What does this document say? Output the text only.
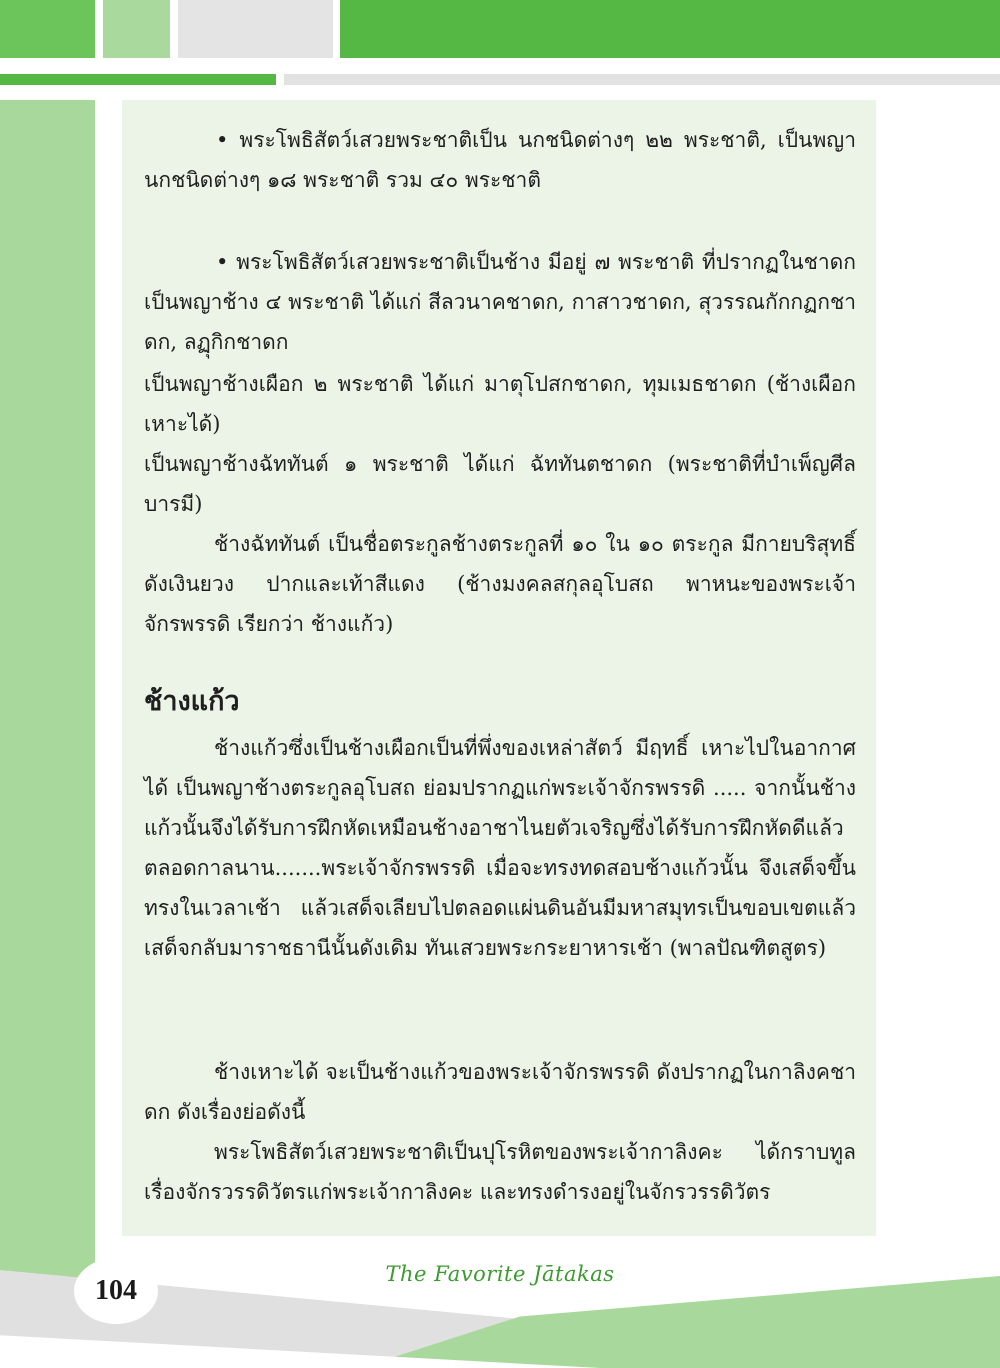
• พระโพธิสัตว์เสวยพระชาติเป็น นกชนิดต่างๆ ๒๒ พระชาติ, เป็นพญานกชนิดต่างๆ ๑๘ พระชาติ รวม ๔๐ พระชาติ

• พระโพธิสัตว์เสวยพระชาติเป็นช้าง มีอยู่ ๗ พระชาติ ที่ปรากฏในชาดก เป็นพญาช้าง ๔ พระชาติ ได้แก่ สีลวนาคชาดก, กาสาวชาดก, สุวรรณกักกฏกชาดก, ลฏุกิกชาดก

เป็นพญาช้างเผือก ๒ พระชาติ ได้แก่ มาตุโปสกชาดก, ทุมเมธชาดก (ช้างเผือกเหาะได้)

เป็นพญาช้างฉัททันต์ ๑ พระชาติ ได้แก่ ฉัททันตชาดก (พระชาติที่บำเพ็ญศีลบารมี)

ช้างฉัททันต์ เป็นชื่อตระกูลช้างตระกูลที่ ๑๐ ใน ๑๐ ตระกูล มีกายบริสุทธิ์ดังเงินยวง ปากและเท้าสีแดง (ช้างมงคลสกุลอุโบสถ พาหนะของพระเจ้าจักรพรรดิ เรียกว่า ช้างแก้ว)

ช้างแก้ว

ช้างแก้วซึ่งเป็นช้างเผือกเป็นที่พึ่งของเหล่าสัตว์ มีฤทธิ์ เหาะไปในอากาศได้ เป็นพญาช้างตระกูลอุโบสถ ย่อมปรากฏแก่พระเจ้าจักรพรรดิ ..... จากนั้นช้างแก้วนั้นจึงได้รับการฝึกหัดเหมือนช้างอาชาไนยตัวเจริญซึ่งได้รับการฝึกหัดดีแล้วตลอดกาลนาน.......พระเจ้าจักรพรรดิ เมื่อจะทรงทดสอบช้างแก้วนั้น จึงเสด็จขึ้นทรงในเวลาเช้า แล้วเสด็จเลียบไปตลอดแผ่นดินอันมีมหาสมุทรเป็นขอบเขตแล้วเสด็จกลับมาราชธานีนั้นดังเดิม ทันเสวยพระกระยาหารเช้า (พาลปัณฑิตสูตร)

ช้างเหาะได้ จะเป็นช้างแก้วของพระเจ้าจักรพรรดิ ดังปรากฏในกาลิงคชาดก ดังเรื่องย่อดังนี้

พระโพธิสัตว์เสวยพระชาติเป็นปุโรหิตของพระเจ้ากาลิงคะ ได้กราบทูลเรื่องจักรวรรดิวัตรแก่พระเจ้ากาลิงคะ และทรงดำรงอยู่ในจักรวรรดิวัตร

104
The Favorite Jātakas
